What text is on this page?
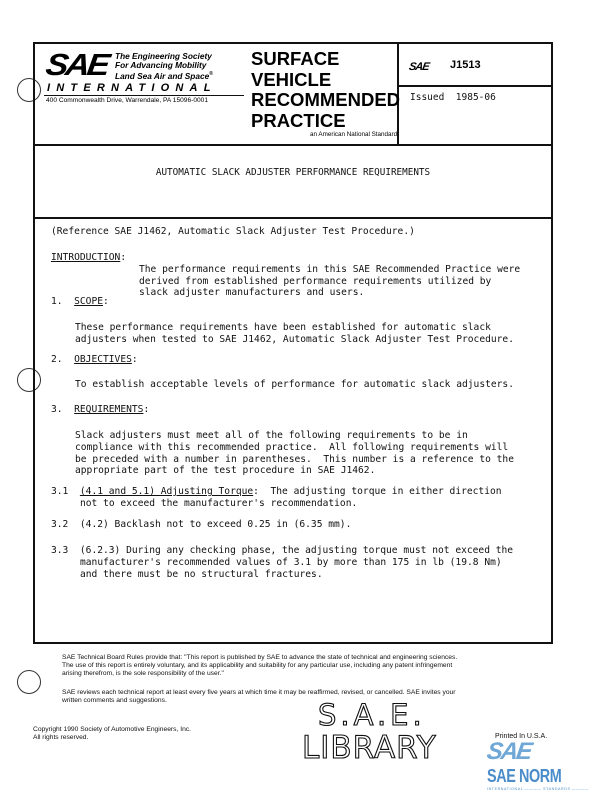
SAE The Engineering Society
For Advancing Mobility
Land Sea Air and Space®
INTERNATIONAL
400 Commonwealth Drive, Warrendale, PA 15096-0001
SURFACE
VEHICLE
RECOMMENDED
PRACTICE
an American National Standard
SAE J1513
Issued 1985-06
AUTOMATIC SLACK ADJUSTER PERFORMANCE REQUIREMENTS
(Reference SAE J1462, Automatic Slack Adjuster Test Procedure.)
INTRODUCTION:

The performance requirements in this SAE Recommended Practice were
derived from established performance requirements utilized by
slack adjuster manufacturers and users.
1. SCOPE:
These performance requirements have been established for automatic slack
adjusters when tested to SAE J1462, Automatic Slack Adjuster Test Procedure.
2. OBJECTIVES:
To establish acceptable levels of performance for automatic slack adjusters.
3. REQUIREMENTS:
Slack adjusters must meet all of the following requirements to be in
compliance with this recommended practice.  All following requirements will
be preceded with a number in parentheses.  This number is a reference to the
appropriate part of the test procedure in SAE J1462.
3.1 (4.1 and 5.1) Adjusting Torque:  The adjusting torque in either direction
not to exceed the manufacturer's recommendation.
3.2 (4.2) Backlash not to exceed 0.25 in (6.35 mm).
3.3 (6.2.3) During any checking phase, the adjusting torque must not exceed the
manufacturer's recommended values of 3.1 by more than 175 in lb (19.8 Nm)
and there must be no structural fractures.
SAE Technical Board Rules provide that: "This report is published by SAE to advance the state of technical and engineering sciences.
The use of this report is entirely voluntary, and its applicability and suitability for any particular use, including any patent infringement
arising therefrom, is the sole responsibility of the user."
SAE reviews each technical report at least every five years at which time it may be reaffirmed, revised, or cancelled. SAE invites your
written comments and suggestions.
Copyright 1990 Society of Automotive Engineers, Inc.
All rights reserved.
S.A.E.
LIBRARY	Printed In U.S.A.
SAE SAE NORM
INTERNATIONAL ———— STANDARDS ————
